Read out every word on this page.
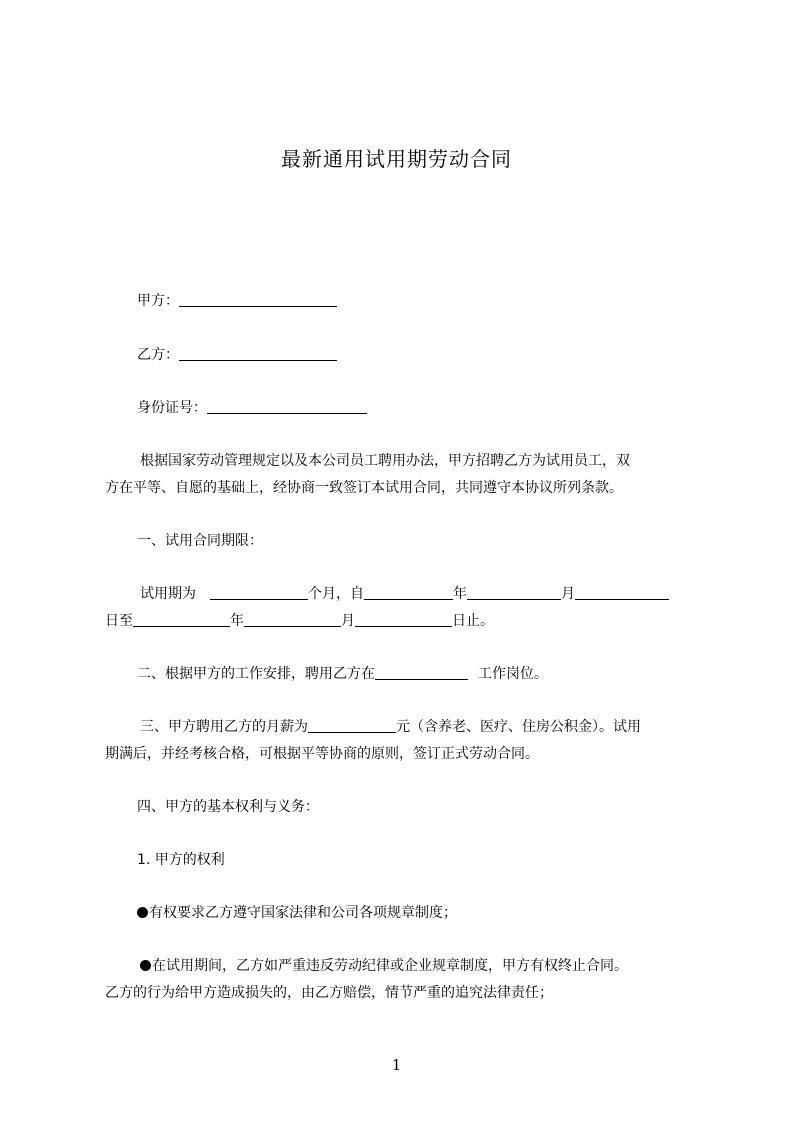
最新通用试用期劳动合同
甲方：
乙方：
身份证号：
根据国家劳动管理规定以及本公司员工聘用办法，甲方招聘乙方为试用员工，双
方在平等、自愿的基础上，经协商一致签订本试用合同，共同遵守本协议所列条款。
一、试用合同期限：
试用期为	个月，自	年	月
日至	年	月	日止。
二、根据甲方的工作安排，聘用乙方在	工作岗位。
三、甲方聘用乙方的月薪为	元（含养老、医疗、住房公积金）。试用
期满后，并经考核合格，可根据平等协商的原则，签订正式劳动合同。
四、甲方的基本权利与义务：
1. 甲方的权利
有权要求乙方遵守国家法律和公司各项规章制度；
在试用期间，乙方如严重违反劳动纪律或企业规章制度，甲方有权终止合同。
乙方的行为给甲方造成损失的，由乙方赔偿，情节严重的追究法律责任；
1
